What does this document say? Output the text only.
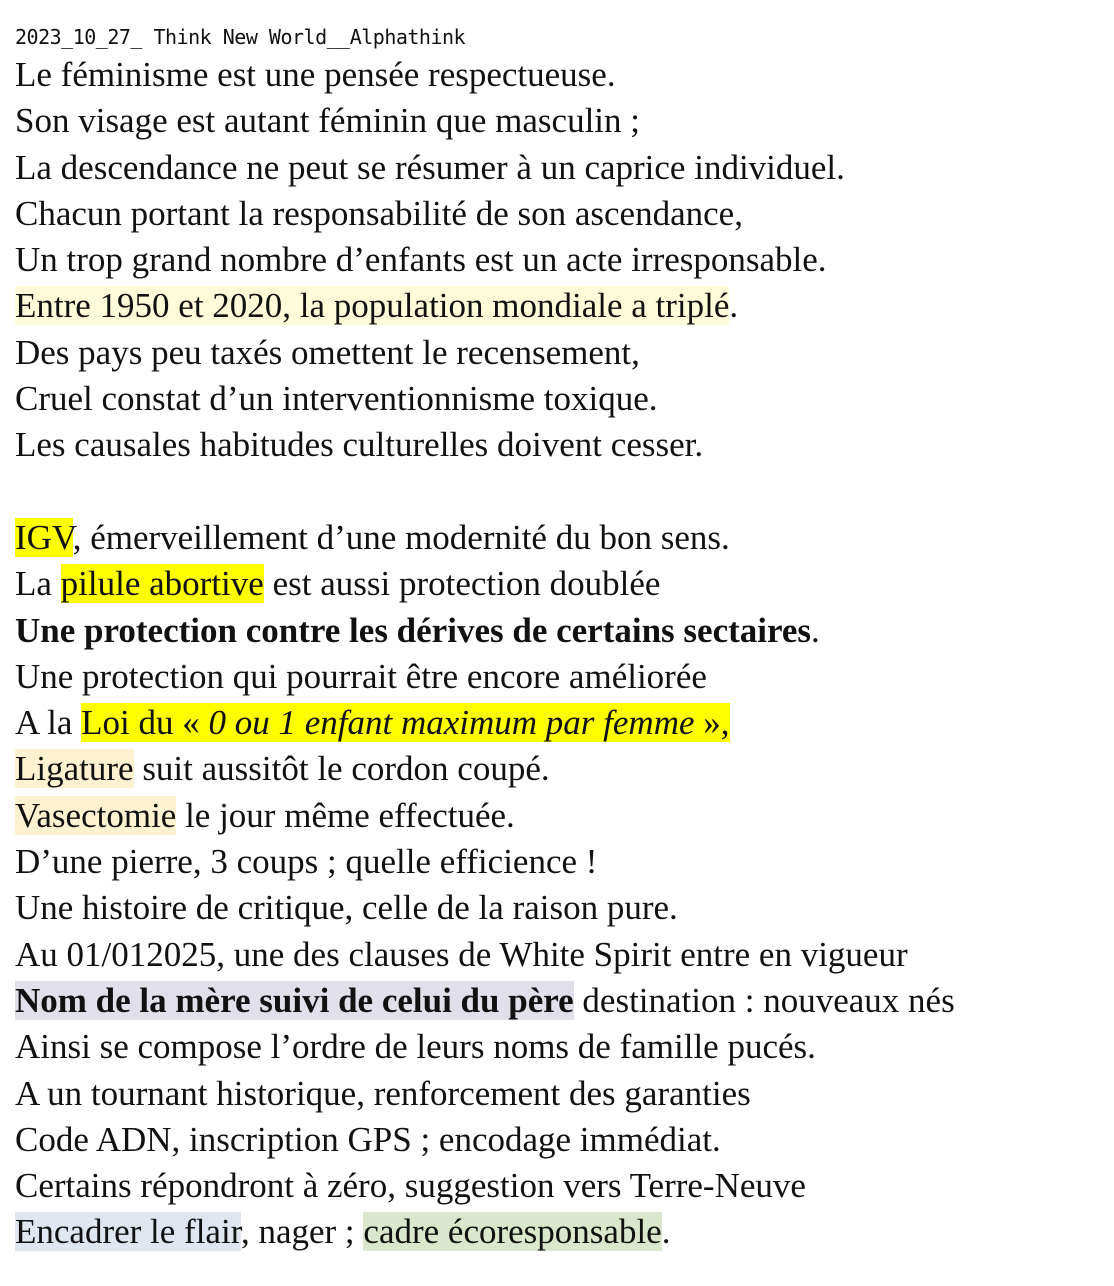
2023_10_27_ Think New World__Alphathink
Le féminisme est une pensée respectueuse.
Son visage est autant féminin que masculin ;
La descendance ne peut se résumer à un caprice individuel.
Chacun portant la responsabilité de son ascendance,
Un trop grand nombre d’enfants est un acte irresponsable.
Entre 1950 et 2020, la population mondiale a triplé.
Des pays peu taxés omettent le recensement,
Cruel constat d’un interventionnisme toxique.
Les causales habitudes culturelles doivent cesser.
IGV, émerveillement d’une modernité du bon sens.
La pilule abortive est aussi protection doublée
Une protection contre les dérives de certains sectaires.
Une protection qui pourrait être encore améliorée
A la Loi du « 0 ou 1 enfant maximum par femme »,
Ligature suit aussitôt le cordon coupé.
Vasectomie le jour même effectuée.
D’une pierre, 3 coups ; quelle efficience !
Une histoire de critique, celle de la raison pure.
Au 01/012025, une des clauses de White Spirit entre en vigueur
Nom de la mère suivi de celui du père destination : nouveaux nés
Ainsi se compose l’ordre de leurs noms de famille pucés.
A un tournant historique, renforcement des garanties
Code ADN, inscription GPS ; encodage immédiat.
Certains répondront à zéro, suggestion vers Terre-Neuve
Encadrer le flair, nager ; cadre écoresponsable.
